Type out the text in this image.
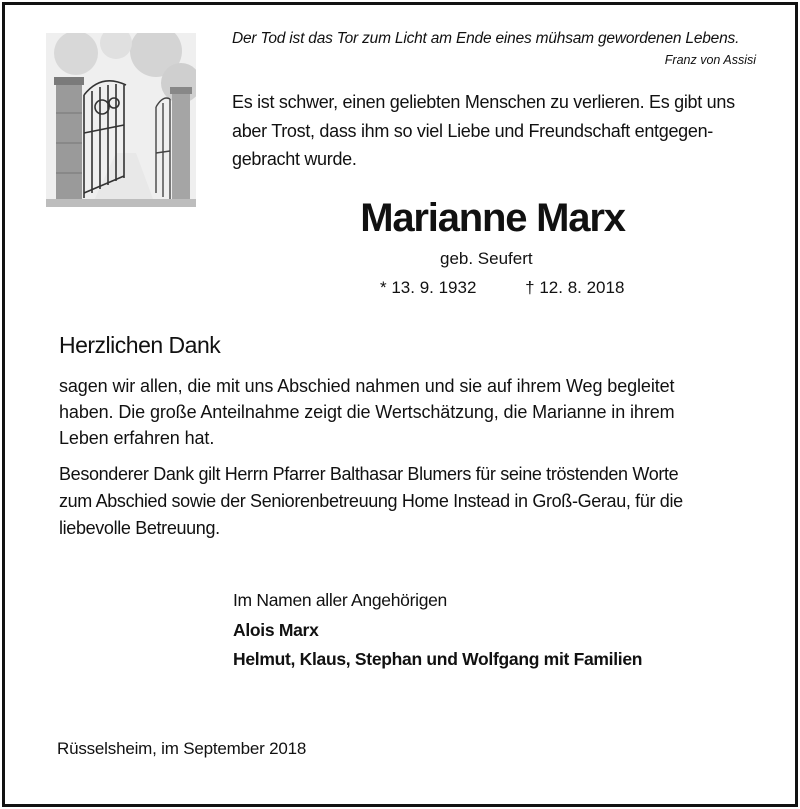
Der Tod ist das Tor zum Licht am Ende eines mühsam gewordenen Lebens.
Franz von Assisi

Es ist schwer, einen geliebten Menschen zu verlieren. Es gibt uns

aber Trost, dass ihm so viel Liebe und Freundschaft entgegen-

gebracht wurde.

Marianne Marx
geb. Seufert
* 13. 9. 1932	† 12. 8. 2018
Herzlichen Dank

sagen wir allen, die mit uns Abschied nahmen und sie auf ihrem Weg begleitet

haben. Die große Anteilnahme zeigt die Wertschätzung, die Marianne in ihrem

Leben erfahren hat.

Besonderer Dank gilt Herrn Pfarrer Balthasar Blumers für seine tröstenden Worte

zum Abschied sowie der Seniorenbetreuung Home Instead in Groß-Gerau, für die

liebevolle Betreuung.

Im Namen aller Angehörigen

Alois Marx

Helmut, Klaus, Stephan und Wolfgang mit Familien

Rüsselsheim, im September 2018
